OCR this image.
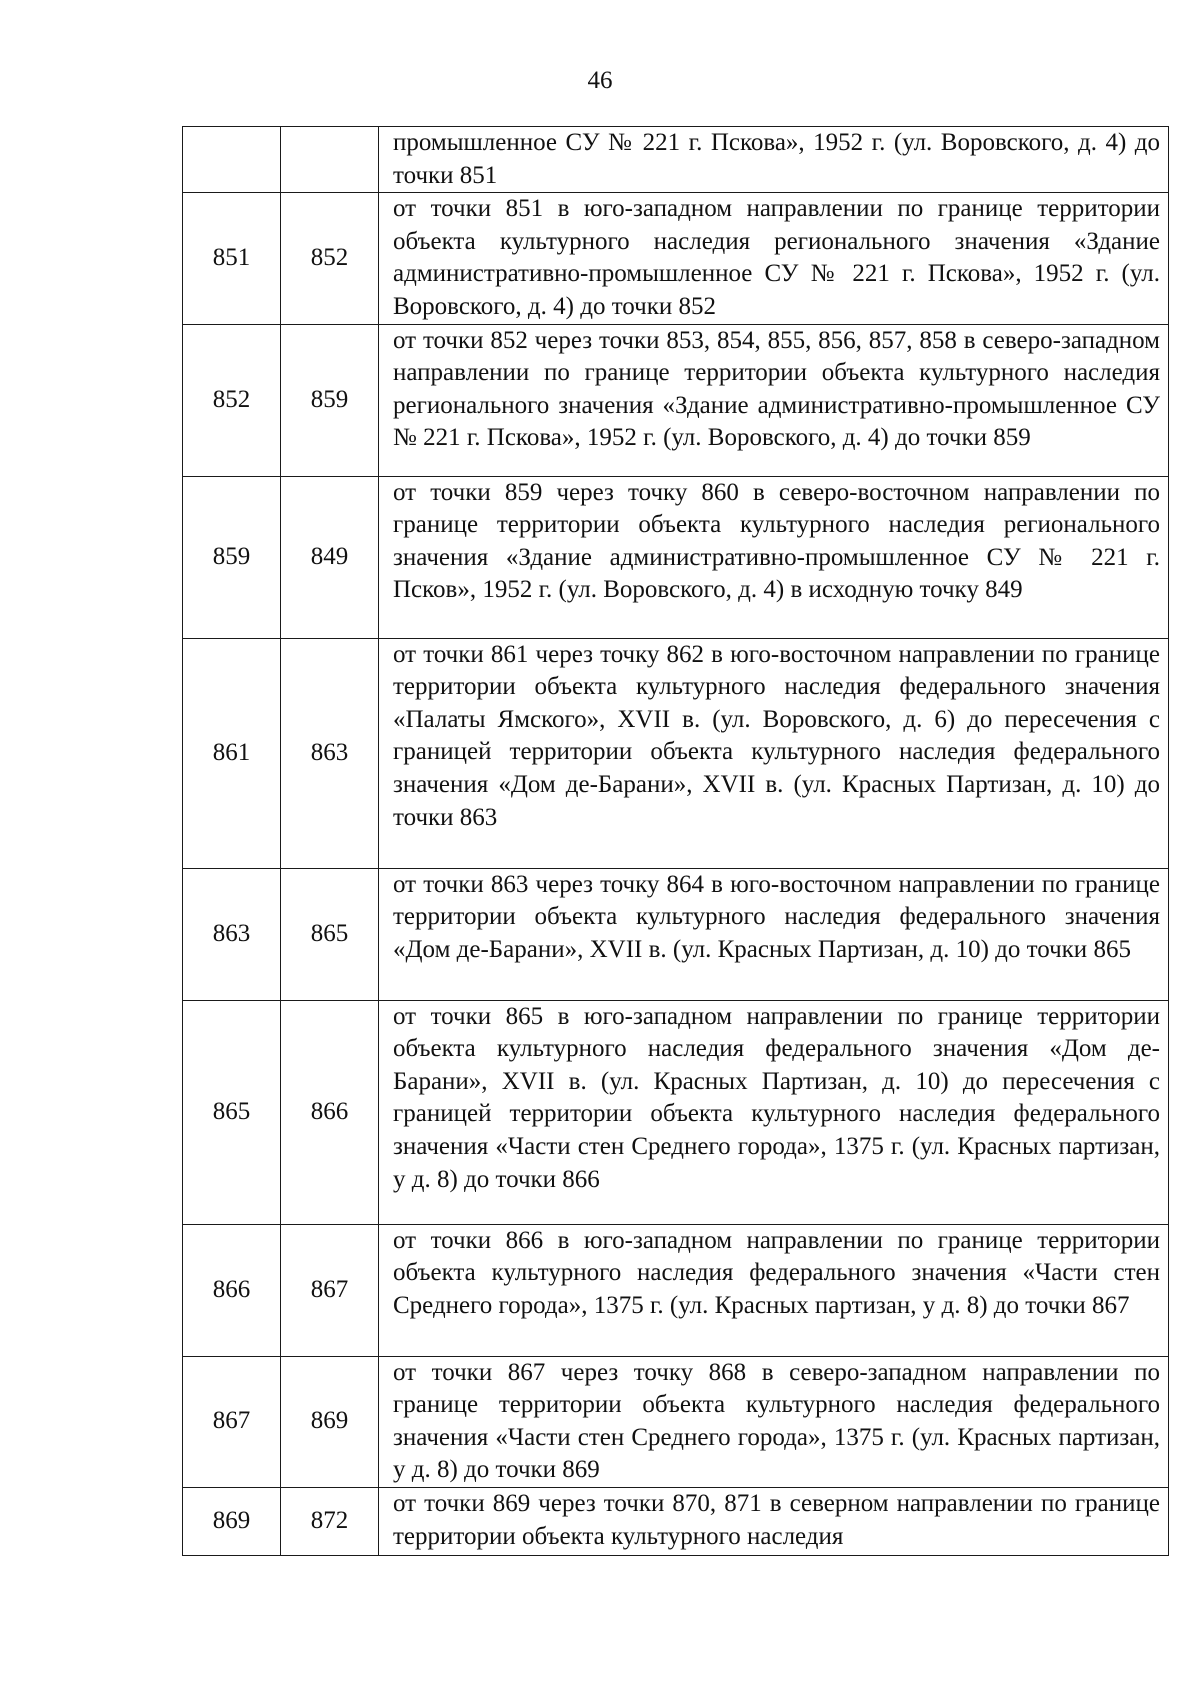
46

		промышленное СУ № 221 г. Пскова», 1952 г. (ул. Воровского, д. 4) до точки 851

851	852	от точки 851 в юго-западном направлении по границе территории объекта культурного наследия регионального значения «Здание административно-промышленное СУ № 221 г. Пскова», 1952 г. (ул. Воровского, д. 4) до точки 852

852	859	от точки 852 через точки 853, 854, 855, 856, 857, 858 в северо-западном направлении по границе территории объекта культурного наследия регионального значения «Здание административно-промышленное СУ № 221 г. Пскова», 1952 г. (ул. Воровского, д. 4) до точки 859

859	849	от точки 859 через точку 860 в северо-восточном направлении по границе территории объекта культурного наследия регионального значения «Здание административно-промышленное СУ № 221 г. Псков», 1952 г. (ул. Воровского, д. 4) в исходную точку 849

861	863	от точки 861 через точку 862 в юго-восточном направлении по границе территории объекта культурного наследия федерального значения «Палаты Ямского», XVII в. (ул. Воровского, д. 6) до пересечения с границей территории объекта культурного наследия федерального значения «Дом де-Барани», XVII в. (ул. Красных Партизан, д. 10) до точки 863

863	865	от точки 863 через точку 864 в юго-восточном направлении по границе территории объекта культурного наследия федерального значения «Дом де-Барани», XVII в. (ул. Красных Партизан, д. 10) до точки 865

865	866	от точки 865 в юго-западном направлении по границе территории объекта культурного наследия федерального значения «Дом де-Барани», XVII в. (ул. Красных Партизан, д. 10) до пересечения с границей территории объекта культурного наследия федерального значения «Части стен Среднего города», 1375 г. (ул. Красных партизан, у д. 8) до точки 866

866	867	от точки 866 в юго-западном направлении по границе территории объекта культурного наследия федерального значения «Части стен Среднего города», 1375 г. (ул. Красных партизан, у д. 8) до точки 867

867	869	от точки 867 через точку 868 в северо-западном направлении по границе территории объекта культурного наследия федерального значения «Части стен Среднего города», 1375 г. (ул. Красных партизан, у д. 8) до точки 869

869	872	от точки 869 через точки 870, 871 в северном направлении по границе территории объекта культурного наследия
